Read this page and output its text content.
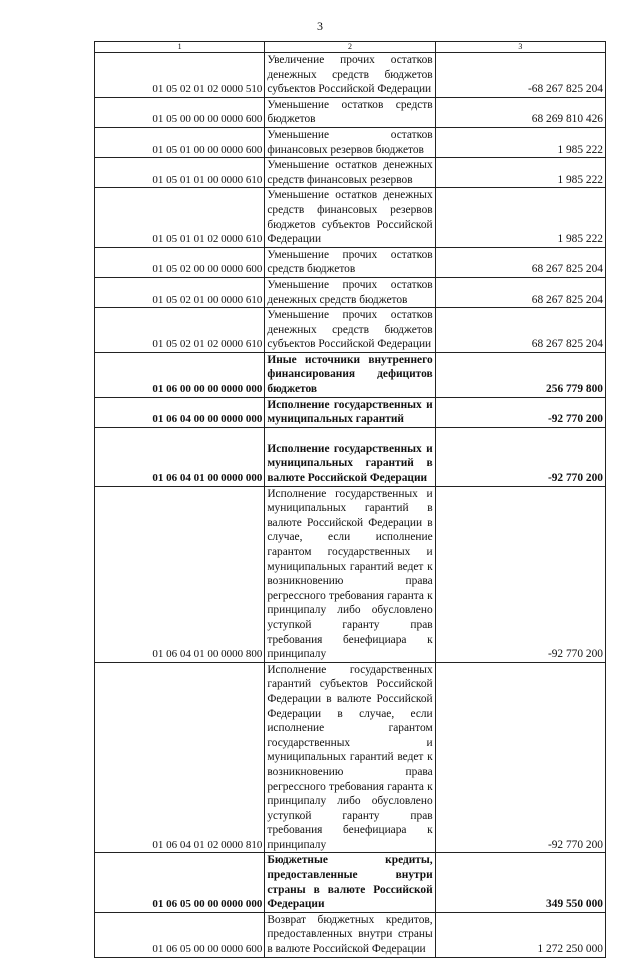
3
1	2	3
01 05 02 01 02 0000 510	Увеличение прочих остатков денежных средств бюджетов субъектов Российской Федерации	-68 267 825 204
01 05 00 00 00 0000 600	Уменьшение остатков средств бюджетов	68 269 810 426
01 05 01 00 00 0000 600	Уменьшение остатков финансовых резервов бюджетов	1 985 222
01 05 01 01 00 0000 610	Уменьшение остатков денежных средств финансовых резервов	1 985 222
01 05 01 01 02 0000 610	Уменьшение остатков денежных средств финансовых резервов бюджетов субъектов Российской Федерации	1 985 222
01 05 02 00 00 0000 600	Уменьшение прочих остатков средств бюджетов	68 267 825 204
01 05 02 01 00 0000 610	Уменьшение прочих остатков денежных средств бюджетов	68 267 825 204
01 05 02 01 02 0000 610	Уменьшение прочих остатков денежных средств бюджетов субъектов Российской Федерации	68 267 825 204
01 06 00 00 00 0000 000	Иные источники внутреннего финансирования дефицитов бюджетов	256 779 800
01 06 04 00 00 0000 000	Исполнение государственных и муниципальных гарантий	-92 770 200
01 06 04 01 00 0000 000	Исполнение государственных и муниципальных гарантий в валюте Российской Федерации	-92 770 200
01 06 04 01 00 0000 800	Исполнение государственных и муниципальных гарантий в валюте Российской Федерации в случае, если исполнение гарантом государственных и муниципальных гарантий ведет к возникновению права регрессного требования гаранта к принципалу либо обусловлено уступкой гаранту прав требования бенефициара к принципалу	-92 770 200
01 06 04 01 02 0000 810	Исполнение государственных гарантий субъектов Российской Федерации в валюте Российской Федерации в случае, если исполнение гарантом государственных и муниципальных гарантий ведет к возникновению права регрессного требования гаранта к принципалу либо обусловлено уступкой гаранту прав требования бенефициара к принципалу	-92 770 200
01 06 05 00 00 0000 000	Бюджетные кредиты, предоставленные внутри страны в валюте Российской Федерации	349 550 000
01 06 05 00 00 0000 600	Возврат бюджетных кредитов, предоставленных внутри страны в валюте Российской Федерации	1 272 250 000
